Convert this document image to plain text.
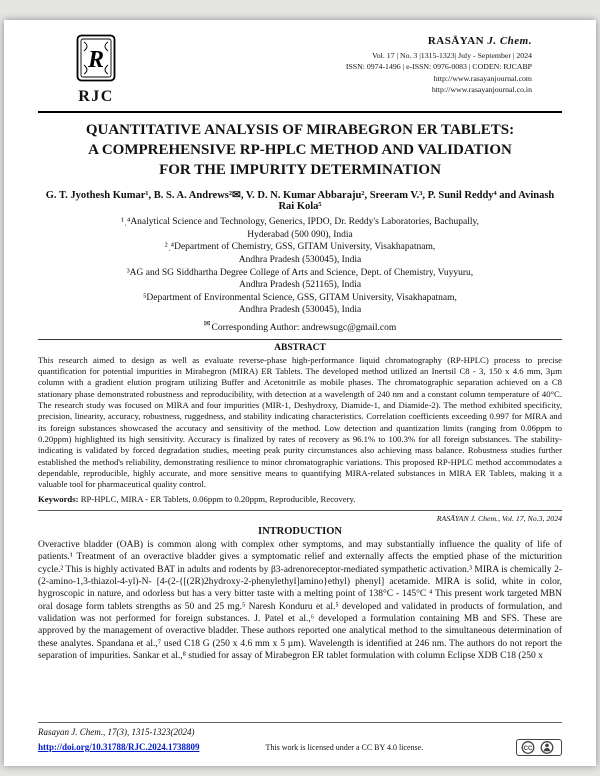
R
RJC
RASĀYAN J. Chem.
Vol. 17 | No. 3 |1315-1323| July - September | 2024
ISSN: 0974-1496 | e-ISSN: 0976-0083 | CODEN: RJCABP
http://www.rasayanjournal.com
http://www.rasayanjournal.co.in
QUANTITATIVE ANALYSIS OF MIRABEGRON ER TABLETS:
A COMPREHENSIVE RP-HPLC METHOD AND VALIDATION
FOR THE IMPURITY DETERMINATION
G. T. Jyothesh Kumar¹, B. S. A. Andrews²✉, V. D. N. Kumar Abbaraju², Sreeram V.³, P. Sunil Reddy⁴ and Avinash Rai Kola⁵
¹ˌ⁴Analytical Science and Technology, Generics, IPDO, Dr. Reddy's Laboratories, Bachupally,
Hyderabad (500 090), India
²ˌ⁴Department of Chemistry, GSS, GITAM University, Visakhapatnam,
Andhra Pradesh (530045), India
³AG and SG Siddhartha Degree College of Arts and Science, Dept. of Chemistry, Vuyyuru,
Andhra Pradesh (521165), India
⁵Department of Environmental Science, GSS, GITAM University, Visakhapatnam,
Andhra Pradesh (530045), India
✉Corresponding Author: andrewsugc@gmail.com
ABSTRACT

This research aimed to design as well as evaluate reverse-phase high-performance liquid chromatography (RP-HPLC) process to precise quantification for potential impurities in Mirabegron (MIRA) ER Tablets. The developed method utilized an Inertsil C8 - 3, 150 x 4.6 mm, 3µm column with a gradient elution program utilizing Buffer and Acetonitrile as mobile phases. The chromatographic separation achieved on a C8 stationary phase demonstrated robustness and reproducibility, with detection at a wavelength of 240 nm and a constant column temperature of 40°C. The research study was focused on MIRA and four impurities (MIR-1, Deshydroxy, Diamide-1, and Diamide-2). The method exhibited specificity, precision, linearity, accuracy, robustness, ruggedness, and stability indicating characteristics. Correlation coefficients exceeding 0.997 for MIRA and its foreign substances showcased the accuracy and sensitivity of the method. Low detection and quantization limits (ranging from 0.06ppm to 0.20ppm) highlighted its high sensitivity. Accuracy is finalized by rates of recovery as 96.1% to 100.3% for all foreign substances. The stability-indicating is validated by forced degradation studies, meeting peak purity circumstances also achieving mass balance. Robustness studies further established the method's reliability, demonstrating resilience to minor chromatographic variations. This proposed RP-HPLC method accommodates a dependable, reproducible, highly accurate, and more sensitive means to quantifying MIRA-related substances in MIRA ER Tablets, making it a valuable tool for pharmaceutical quality control.

Keywords: RP-HPLC, MIRA - ER Tablets, 0.06ppm to 0.20ppm, Reproducible, Recovery.

RASĀYAN J. Chem., Vol. 17, No.3, 2024
INTRODUCTION

Overactive bladder (OAB) is common along with complex other symptoms, and may substantially influence the quality of life of patients.¹ Treatment of an overactive bladder gives a symptomatic relief and externally affects the emptied phase of the micturition cycle.² This is highly activated BAT in adults and rodents by β3-adrenoreceptor-mediated sympathetic activation.³ MIRA is chemically 2-(2-amino-1,3-thiazol-4-yl)-N- [4-(2-{[(2R)2hydroxy-2-phenylethyl]amino}ethyl) phenyl] acetamide. MIRA is solid, white in color, hygroscopic in nature, and odorless but has a very bitter taste with a melting point of 138°C - 145°C ⁴ This present work targeted MBN oral dosage form tablets strengths as 50 and 25 mg.⁵ Naresh Konduru et al.⁵ developed and validated in products of formulation, and validation was not performed for foreign substances. J. Patel et al.,⁶ developed a formulation containing MB and SFS. These are approved by the management of overactive bladder. These authors reported one analytical method to the simultaneous determination of these analytes. Spandana et al.,⁷ used C18 G (250 x 4.6 mm x 5 µm). Wavelength is identified at 246 nm. The authors do not report the separation of impurities. Sankar et al.,⁸ studied for assay of Mirabegron ER tablet formulation with column Eclipse XDB C18 (250 x

Rasayan J. Chem., 17(3), 1315-1323(2024)
http://doi.org/10.31788/RJC.2024.1738809	This work is licensed under a CC BY 4.0 license.	CC
